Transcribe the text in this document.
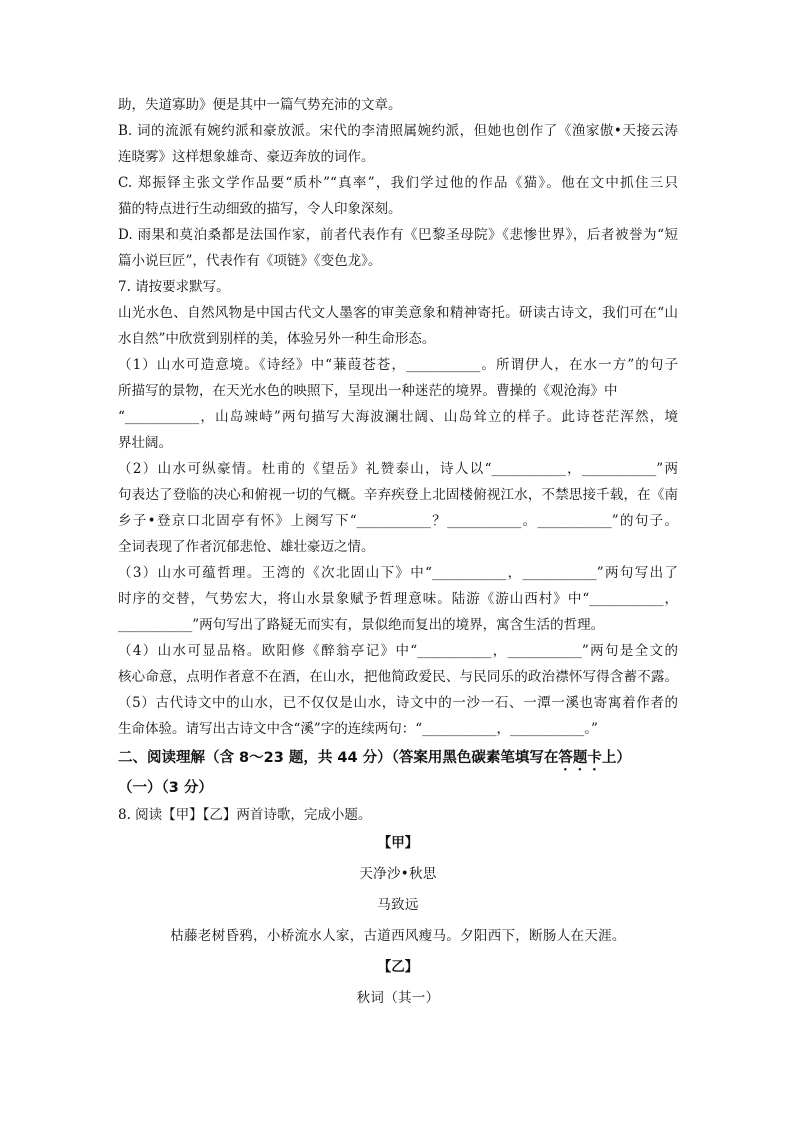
助，失道寡助》便是其中一篇气势充沛的文章。
B. 词的流派有婉约派和豪放派。宋代的李清照属婉约派，但她也创作了《渔家傲•天接云涛
连晓雾》这样想象雄奇、豪迈奔放的词作。
C. 郑振铎主张文学作品要“质朴”“真率”，我们学过他的作品《猫》。他在文中抓住三只
猫的特点进行生动细致的描写，令人印象深刻。
D. 雨果和莫泊桑都是法国作家，前者代表作有《巴黎圣母院》《悲惨世界》，后者被誉为“短
篇小说巨匠”，代表作有《项链》《变色龙》。
7. 请按要求默写。
山光水色、自然风物是中国古代文人墨客的审美意象和精神寄托。研读古诗文，我们可在“山
水自然”中欣赏到别样的美，体验另外一种生命形态。
（1）山水可造意境。《诗经》中“蒹葭苍苍，___________。所谓伊人，在水一方”的句子
所描写的景物，在天光水色的映照下，呈现出一种迷茫的境界。曹操的《观沧海》中
“___________，山岛竦峙”两句描写大海波澜壮阔、山岛耸立的样子。此诗苍茫浑然，境
界壮阔。
（2）山水可纵豪情。杜甫的《望岳》礼赞泰山，诗人以“___________，___________”两
句表达了登临的决心和俯视一切的气概。辛弃疾登上北固楼俯视江水，不禁思接千载，在《南
乡子•登京口北固亭有怀》上阕写下“___________？___________。___________”的句子。
全词表现了作者沉郁悲怆、雄壮豪迈之情。
（3）山水可蕴哲理。王湾的《次北固山下》中“___________，___________”两句写出了
时序的交替，气势宏大，将山水景象赋予哲理意味。陆游《游山西村》中“___________，
___________”两句写出了路疑无而实有，景似绝而复出的境界，寓含生活的哲理。
（4）山水可显品格。欧阳修《醉翁亭记》中“___________，___________”两句是全文的
核心命意，点明作者意不在酒，在山水，把他简政爱民、与民同乐的政治襟怀写得含蓄不露。
（5）古代诗文中的山水，已不仅仅是山水，诗文中的一沙一石、一潭一溪也寄寓着作者的
生命体验。请写出古诗文中含“溪”字的连续两句：“___________，___________。”
二、阅读理解（含 8～23 题，共 44 分）（答案用黑色碳素笔填写在答题卡上）
（一）（3 分）
8. 阅读【甲】【乙】两首诗歌，完成小题。
【甲】
天净沙•秋思
马致远
枯藤老树昏鸦，小桥流水人家，古道西风瘦马。夕阳西下，断肠人在天涯。
【乙】
秋词（其一）
